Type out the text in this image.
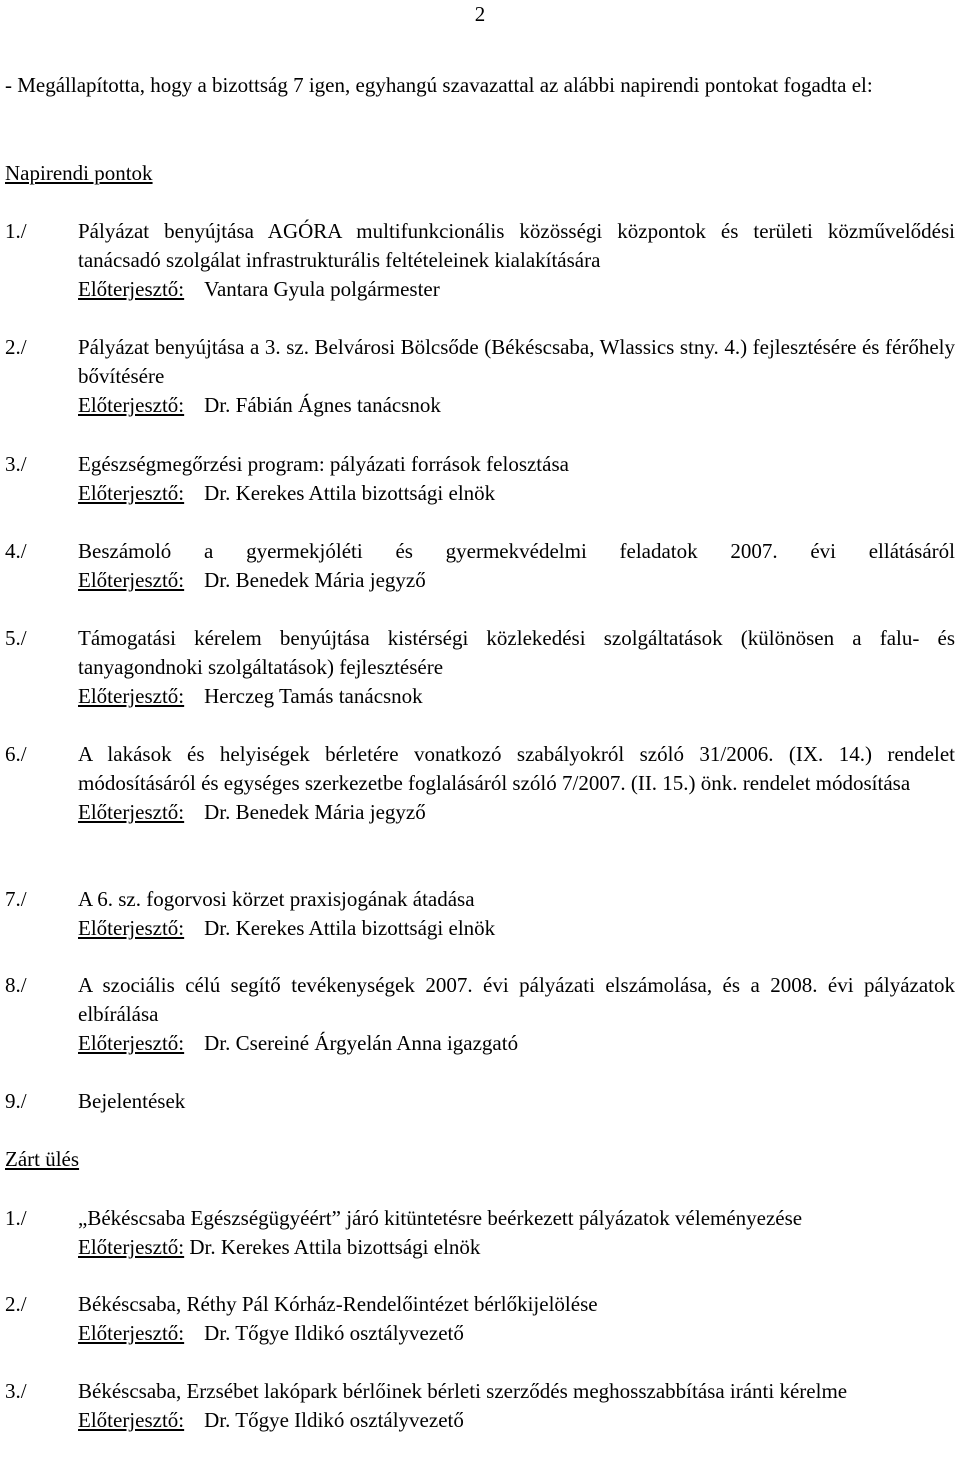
2
- Megállapította, hogy a bizottság 7 igen, egyhangú szavazattal az alábbi napirendi pontokat fogadta el:
Napirendi pontok
1./ Pályázat benyújtása AGÓRA multifunkcionális közösségi központok és területi közművelődési tanácsadó szolgálat infrastrukturális feltételeinek kialakítására
Előterjesztő: Vantara Gyula polgármester
2./ Pályázat benyújtása a 3. sz. Belvárosi Bölcsőde (Békéscsaba, Wlassics stny. 4.) fejlesztésére és férőhely bővítésére
Előterjesztő: Dr. Fábián Ágnes tanácsnok
3./ Egészségmegőrzési program: pályázati források felosztása
Előterjesztő: Dr. Kerekes Attila bizottsági elnök
4./ Beszámoló a gyermekjóléti és gyermekvédelmi feladatok 2007. évi ellátásáról
Előterjesztő: Dr. Benedek Mária jegyző
5./ Támogatási kérelem benyújtása kistérségi közlekedési szolgáltatások (különösen a falu- és tanyagondnoki szolgáltatások) fejlesztésére
Előterjesztő: Herczeg Tamás tanácsnok
6./ A lakások és helyiségek bérletére vonatkozó szabályokról szóló 31/2006. (IX. 14.) rendelet módosításáról és egységes szerkezetbe foglalásáról szóló 7/2007. (II. 15.) önk. rendelet módosítása
Előterjesztő: Dr. Benedek Mária jegyző
7./ A 6. sz. fogorvosi körzet praxisjogának átadása
Előterjesztő: Dr. Kerekes Attila bizottsági elnök
8./ A szociális célú segítő tevékenységek 2007. évi pályázati elszámolása, és a 2008. évi pályázatok elbírálása
Előterjesztő: Dr. Csereiné Árgyelán Anna igazgató
9./ Bejelentések
Zárt ülés
1./ „Békéscsaba Egészségügyéért” járó kitüntetésre beérkezett pályázatok véleményezése
Előterjesztő: Dr. Kerekes Attila bizottsági elnök
2./ Békéscsaba, Réthy Pál Kórház-Rendelőintézet bérlőkijelölése
Előterjesztő: Dr. Tőgye Ildikó osztályvezető
3./ Békéscsaba, Erzsébet lakópark bérlőinek bérleti szerződés meghosszabbítása iránti kérelme
Előterjesztő: Dr. Tőgye Ildikó osztályvezető
